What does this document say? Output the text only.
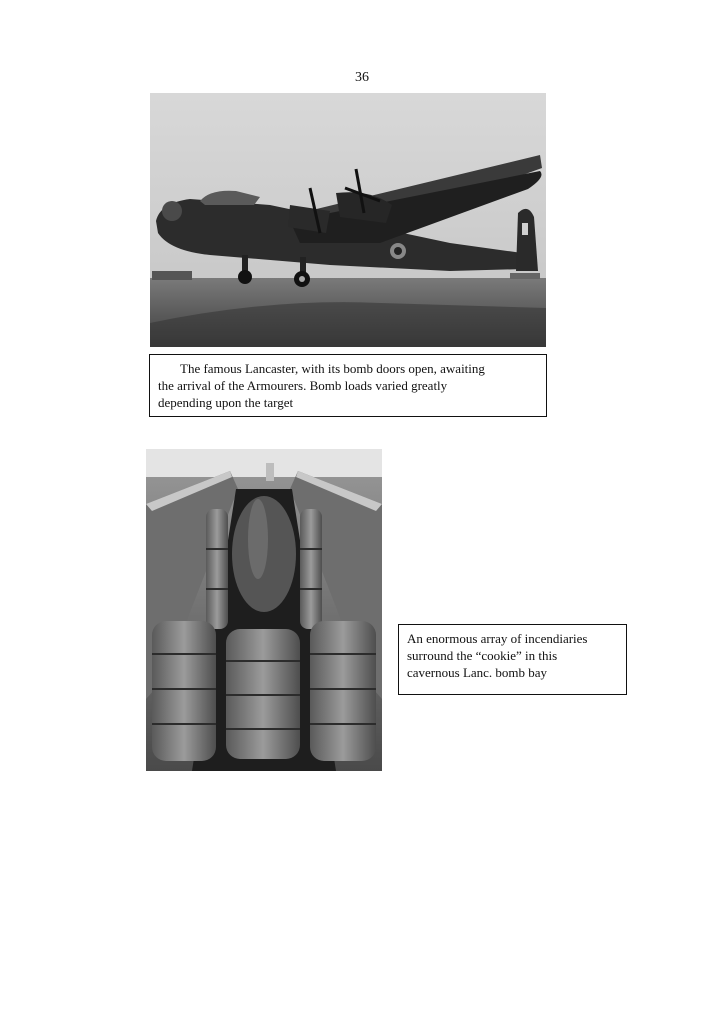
36
The famous Lancaster, with its bomb doors open, awaiting
the arrival of the Armourers. Bomb loads varied greatly
depending upon the target
An enormous array of incendiaries
surround the “cookie” in this
cavernous Lanc. bomb bay
